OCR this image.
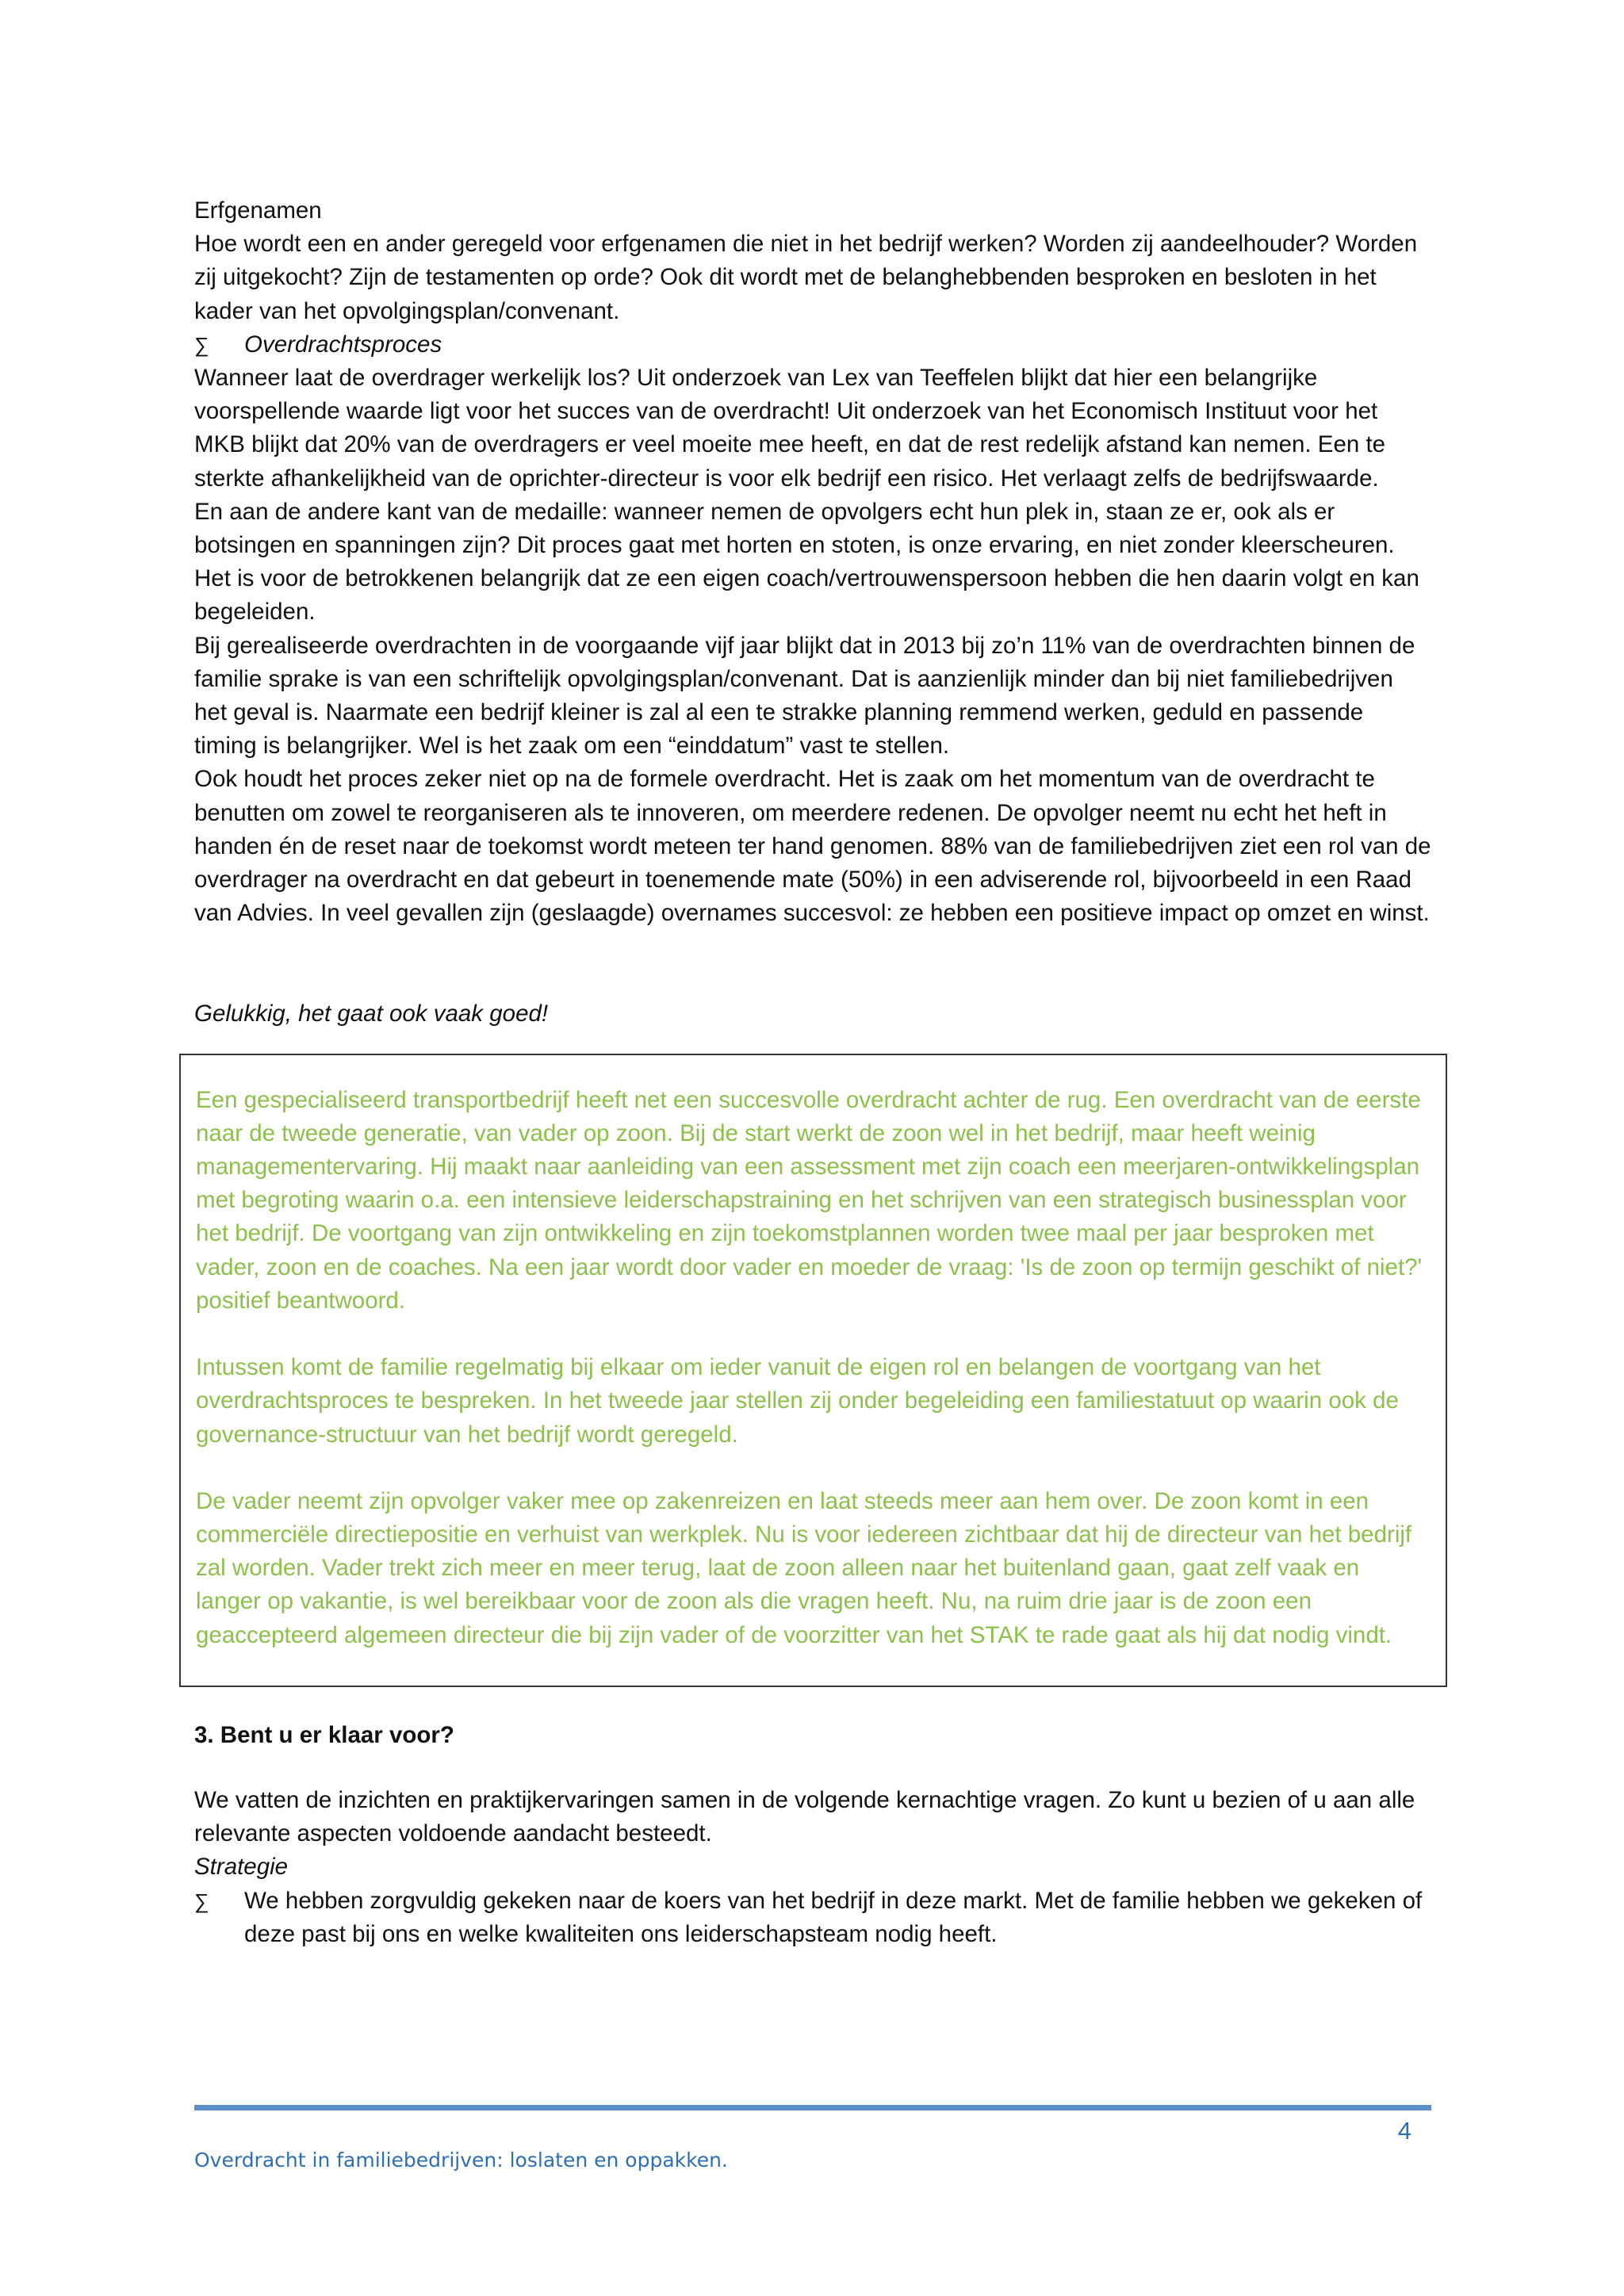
Erfgenamen

Hoe wordt een en ander geregeld voor erfgenamen die niet in het bedrijf werken? Worden zij aandeelhouder? Worden zij uitgekocht? Zijn de testamenten op orde? Ook dit wordt met de belanghebbenden besproken en besloten in het kader van het opvolgingsplan/convenant.

∑	Overdrachtsproces

Wanneer laat de overdrager werkelijk los? Uit onderzoek van Lex van Teeffelen blijkt dat hier een belangrijke voorspellende waarde ligt voor het succes van de overdracht! Uit onderzoek van het Economisch Instituut voor het MKB blijkt dat 20% van de overdragers er veel moeite mee heeft, en dat de rest redelijk afstand kan nemen. Een te sterkte afhankelijkheid van de oprichter-directeur is voor elk bedrijf een risico. Het verlaagt zelfs de bedrijfswaarde.

En aan de andere kant van de medaille: wanneer nemen de opvolgers echt hun plek in, staan ze er, ook als er botsingen en spanningen zijn? Dit proces gaat met horten en stoten, is onze ervaring, en niet zonder kleerscheuren. Het is voor de betrokkenen belangrijk dat ze een eigen coach/vertrouwenspersoon hebben die hen daarin volgt en kan begeleiden.

Bij gerealiseerde overdrachten in de voorgaande vijf jaar blijkt dat in 2013 bij zo’n 11% van de overdrachten binnen de familie sprake is van een schriftelijk opvolgingsplan/convenant. Dat is aanzienlijk minder dan bij niet familiebedrijven het geval is. Naarmate een bedrijf kleiner is zal al een te strakke planning remmend werken, geduld en passende timing is belangrijker. Wel is het zaak om een “einddatum” vast te stellen.

Ook houdt het proces zeker niet op na de formele overdracht. Het is zaak om het momentum van de overdracht te benutten om zowel te reorganiseren als te innoveren, om meerdere redenen. De opvolger neemt nu echt het heft in handen én de reset naar de toekomst wordt meteen ter hand genomen. 88% van de familiebedrijven ziet een rol van de overdrager na overdracht en dat gebeurt in toenemende mate (50%) in een adviserende rol, bijvoorbeeld in een Raad van Advies. In veel gevallen zijn (geslaagde) overnames succesvol: ze hebben een positieve impact op omzet en winst.

Gelukkig, het gaat ook vaak goed!

Een gespecialiseerd transportbedrijf heeft net een succesvolle overdracht achter de rug. Een overdracht van de eerste naar de tweede generatie, van vader op zoon. Bij de start werkt de zoon wel in het bedrijf, maar heeft weinig managementervaring. Hij maakt naar aanleiding van een assessment met zijn coach een meerjaren-ontwikkelingsplan met begroting waarin o.a. een intensieve leiderschapstraining en het schrijven van een strategisch businessplan voor het bedrijf. De voortgang van zijn ontwikkeling en zijn toekomstplannen worden twee maal per jaar besproken met vader, zoon en de coaches. Na een jaar wordt door vader en moeder de vraag: 'Is de zoon op termijn geschikt of niet?' positief beantwoord.

Intussen komt de familie regelmatig bij elkaar om ieder vanuit de eigen rol en belangen de voortgang van het overdrachtsproces te bespreken. In het tweede jaar stellen zij onder begeleiding een familiestatuut op waarin ook de governance-structuur van het bedrijf wordt geregeld.

De vader neemt zijn opvolger vaker mee op zakenreizen en laat steeds meer aan hem over. De zoon komt in een commerciële directiepositie en verhuist van werkplek. Nu is voor iedereen zichtbaar dat hij de directeur van het bedrijf zal worden. Vader trekt zich meer en meer terug, laat de zoon alleen naar het buitenland gaan, gaat zelf vaak en langer op vakantie, is wel bereikbaar voor de zoon als die vragen heeft. Nu, na ruim drie jaar is de zoon een geaccepteerd algemeen directeur die bij zijn vader of de voorzitter van het STAK te rade gaat als hij dat nodig vindt.

3. Bent u er klaar voor?

We vatten de inzichten en praktijkervaringen samen in de volgende kernachtige vragen. Zo kunt u bezien of u aan alle relevante aspecten voldoende aandacht besteedt.

Strategie

∑	We hebben zorgvuldig gekeken naar de koers van het bedrijf in deze markt. Met de familie hebben we gekeken of deze past bij ons en welke kwaliteiten ons leiderschapsteam nodig heeft.
4
Overdracht in familiebedrijven: loslaten en oppakken.
